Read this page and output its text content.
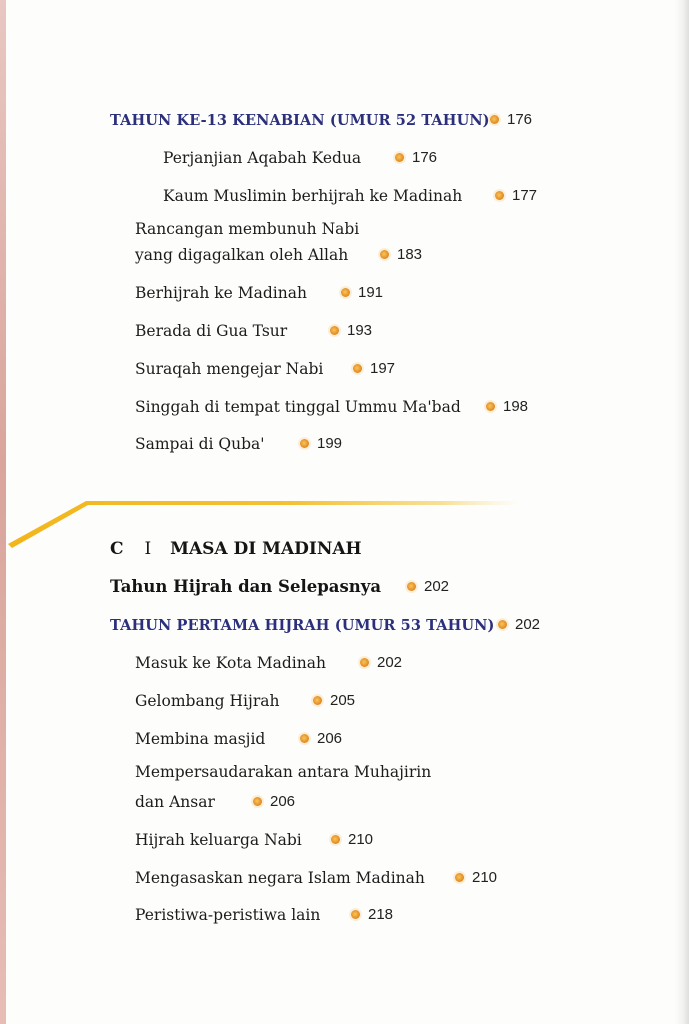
TAHUN KE-13 KENABIAN (UMUR 52 TAHUN)	176
Perjanjian Aqabah Kedua	176
Kaum Muslimin berhijrah ke Madinah	177
Rancangan membunuh Nabi
yang digagalkan oleh Allah	183
Berhijrah ke Madinah	191
Berada di Gua Tsur	193
Suraqah mengejar Nabi	197
Singgah di tempat tinggal Ummu Ma'bad	198
Sampai di Quba'	199
C I MASA DI MADINAH
Tahun Hijrah dan Selepasnya	202
TAHUN PERTAMA HIJRAH (UMUR 53 TAHUN)	202
Masuk ke Kota Madinah	202
Gelombang Hijrah	205
Membina masjid	206
Mempersaudarakan antara Muhajirin
dan Ansar	206
Hijrah keluarga Nabi	210
Mengasaskan negara Islam Madinah	210
Peristiwa-peristiwa lain	218
